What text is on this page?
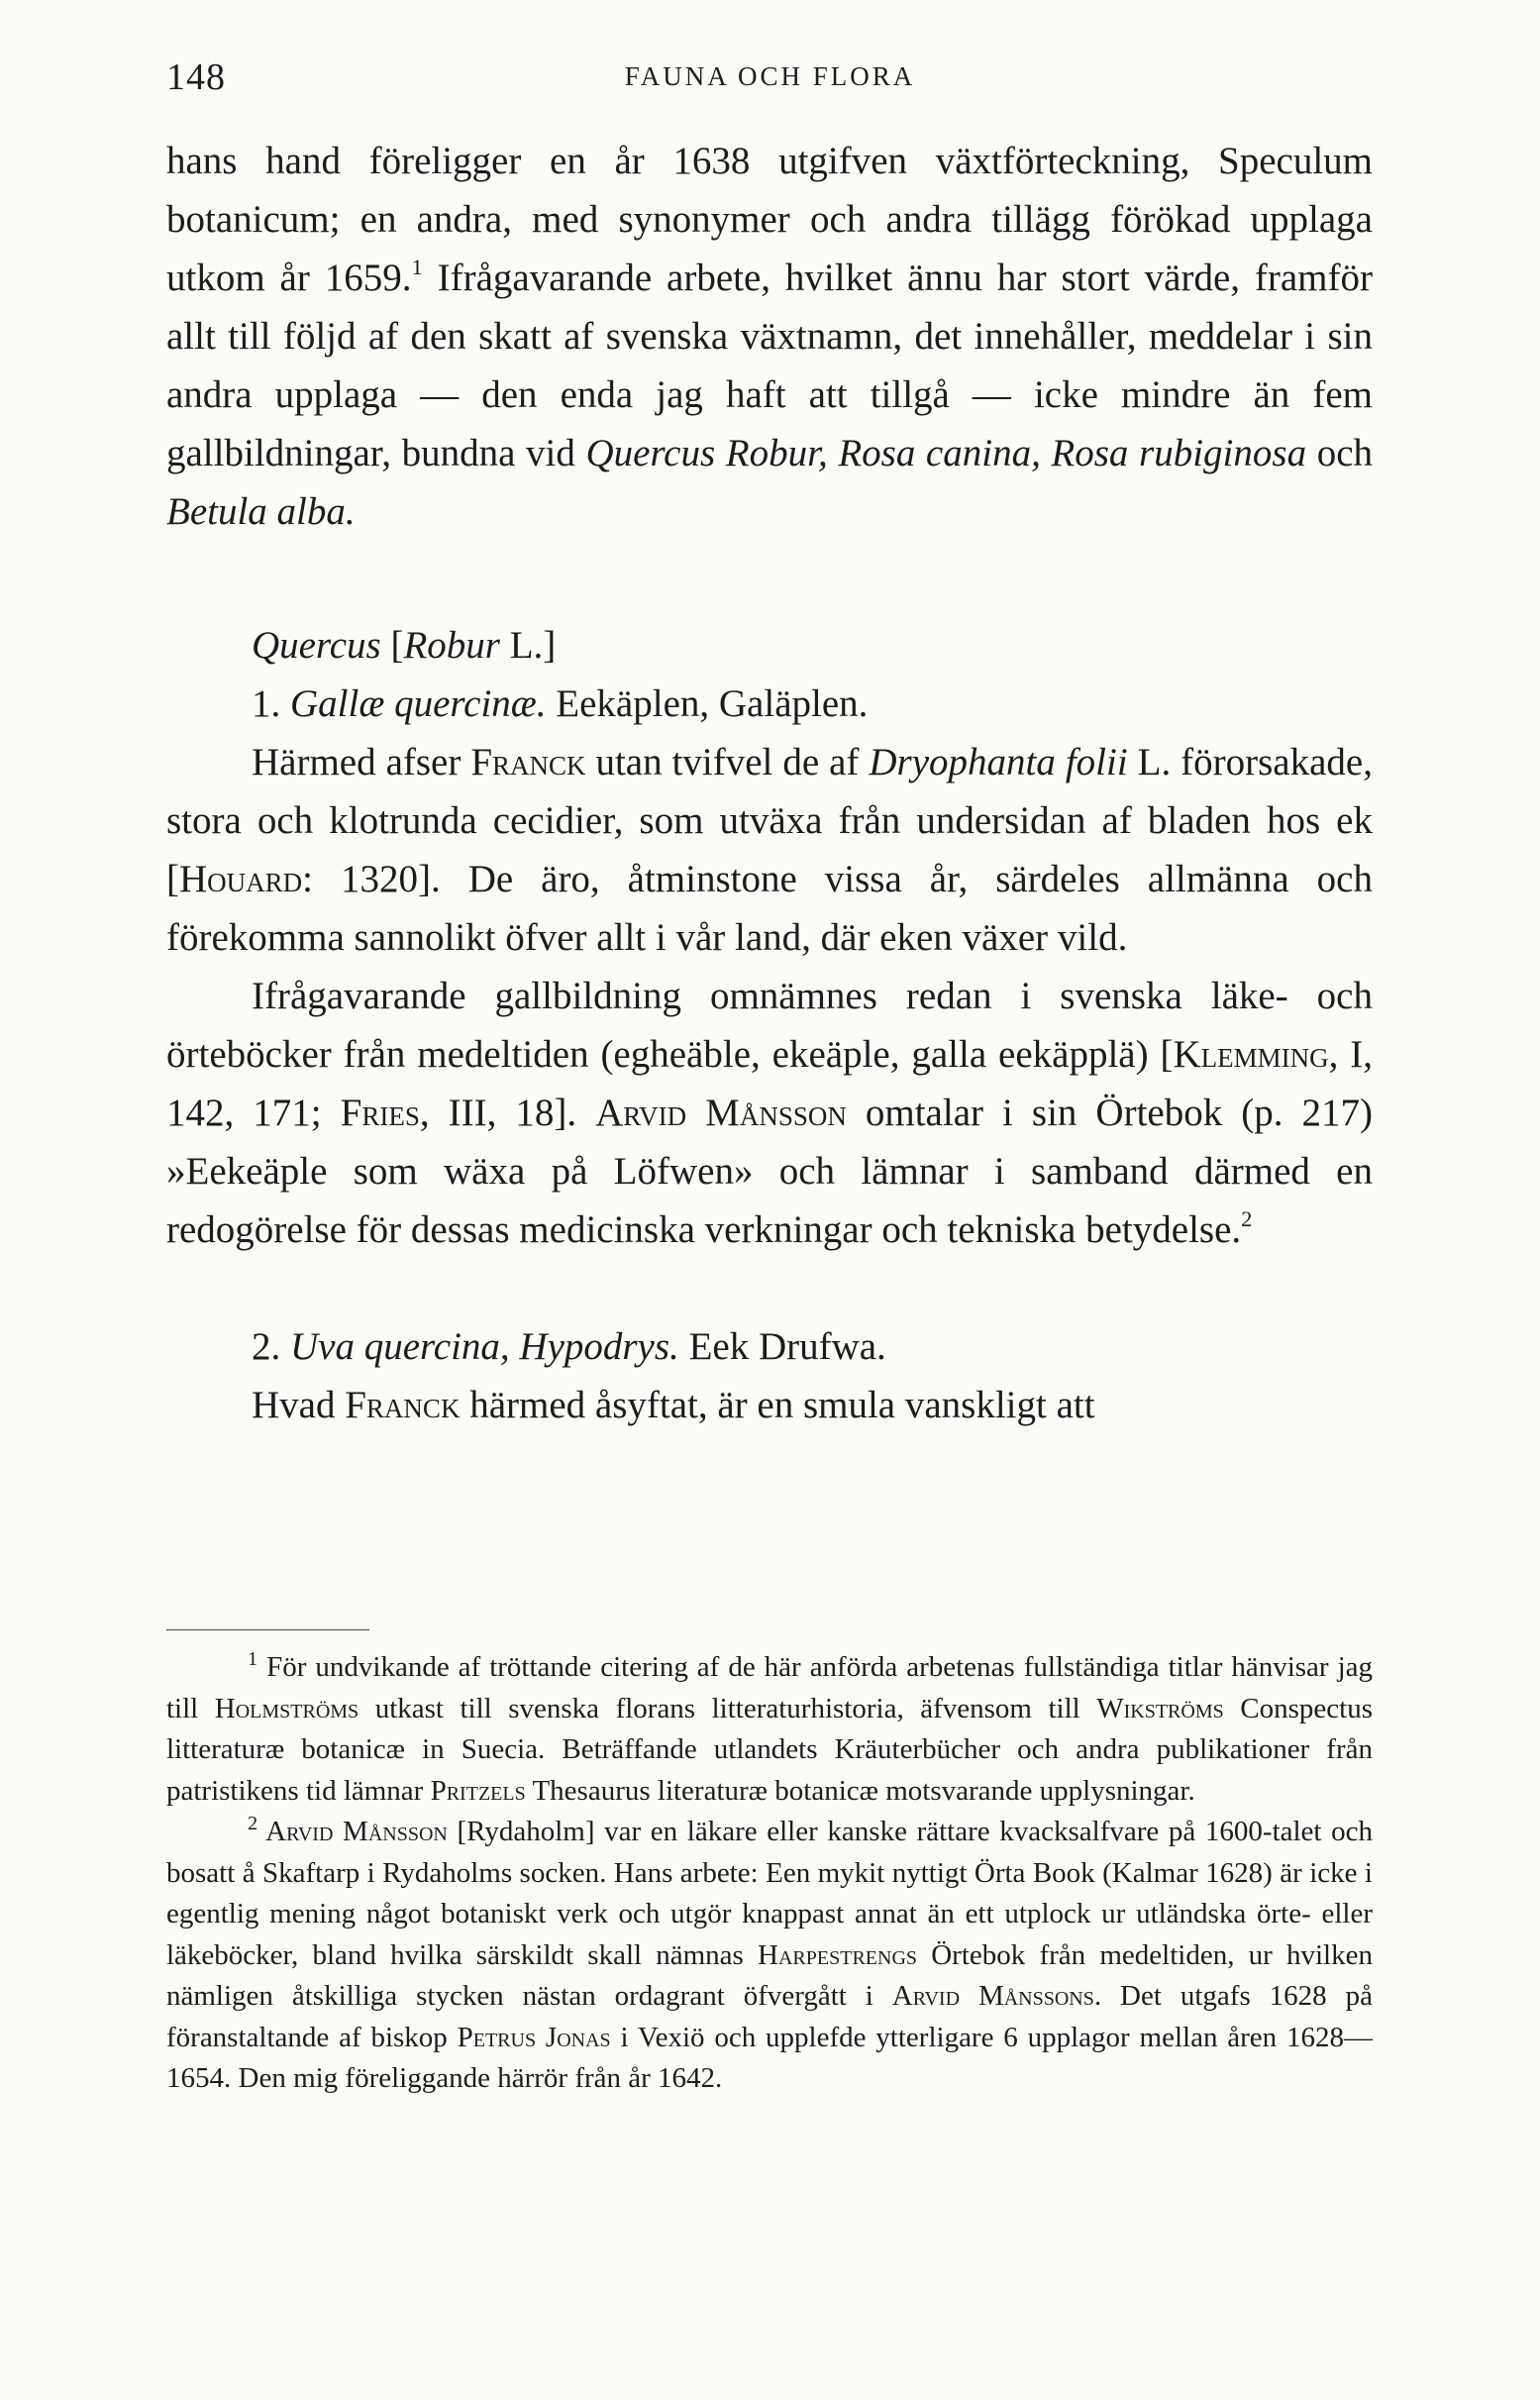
148	FAUNA OCH FLORA

hans hand föreligger en år 1638 utgifven växtförteckning, Speculum botanicum; en andra, med synonymer och andra tillägg förökad upplaga utkom år 1659.$^1$ Ifrågavarande arbete, hvilket ännu har stort värde, framför allt till följd af den skatt af svenska växtnamn, det innehåller, meddelar i sin andra upplaga — den enda jag haft att tillgå — icke mindre än fem gallbildningar, bundna vid Quercus Robur, Rosa canina, Rosa rubiginosa och Betula alba.

Quercus [Robur L.]

1. Gallæ quercinæ. Eekäplen, Galäplen.

Härmed afser Franck utan tvifvel de af Dryophanta folii L. förorsakade, stora och klotrunda cecidier, som utväxa från undersidan af bladen hos ek [Houard: 1320]. De äro, åtminstone vissa år, särdeles allmänna och förekomma sannolikt öfver allt i vår land, där eken växer vild.

Ifrågavarande gallbildning omnämnes redan i svenska läke- och örteböcker från medeltiden (egheäble, ekeäple, galla eekäpplä) [Klemming, I, 142, 171; Fries, III, 18]. Arvid Månsson omtalar i sin Örtebok (p. 217) »Eekeäple som wäxa på Löfwen» och lämnar i samband därmed en redogörelse för dessas medicinska verkningar och tekniska betydelse.$^2$

2. Uva quercina, Hypodrys. Eek Drufwa.

Hvad Franck härmed åsyftat, är en smula vanskligt att

$^1$ För undvikande af tröttande citering af de här anförda arbetenas fullständiga titlar hänvisar jag till Holmströms utkast till svenska florans litteraturhistoria, äfvensom till Wikströms Conspectus litteraturæ botanicæ in Suecia. Beträffande utlandets Kräuterbücher och andra publikationer från patristikens tid lämnar Pritzels Thesaurus literaturæ botanicæ motsvarande upplysningar.

$^2$ Arvid Månsson [Rydaholm] var en läkare eller kanske rättare kvacksalfvare på 1600-talet och bosatt å Skaftarp i Rydaholms socken. Hans arbete: Een mykit nyttigt Örta Book (Kalmar 1628) är icke i egentlig mening något botaniskt verk och utgör knappast annat än ett utplock ur utländska örte- eller läkeböcker, bland hvilka särskildt skall nämnas Harpestrengs Örtebok från medeltiden, ur hvilken nämligen åtskilliga stycken nästan ordagrant öfvergått i Arvid Månssons. Det utgafs 1628 på föranstaltande af biskop Petrus Jonas i Vexiö och upplefde ytterligare 6 upplagor mellan åren 1628—1654. Den mig föreliggande härrör från år 1642.
